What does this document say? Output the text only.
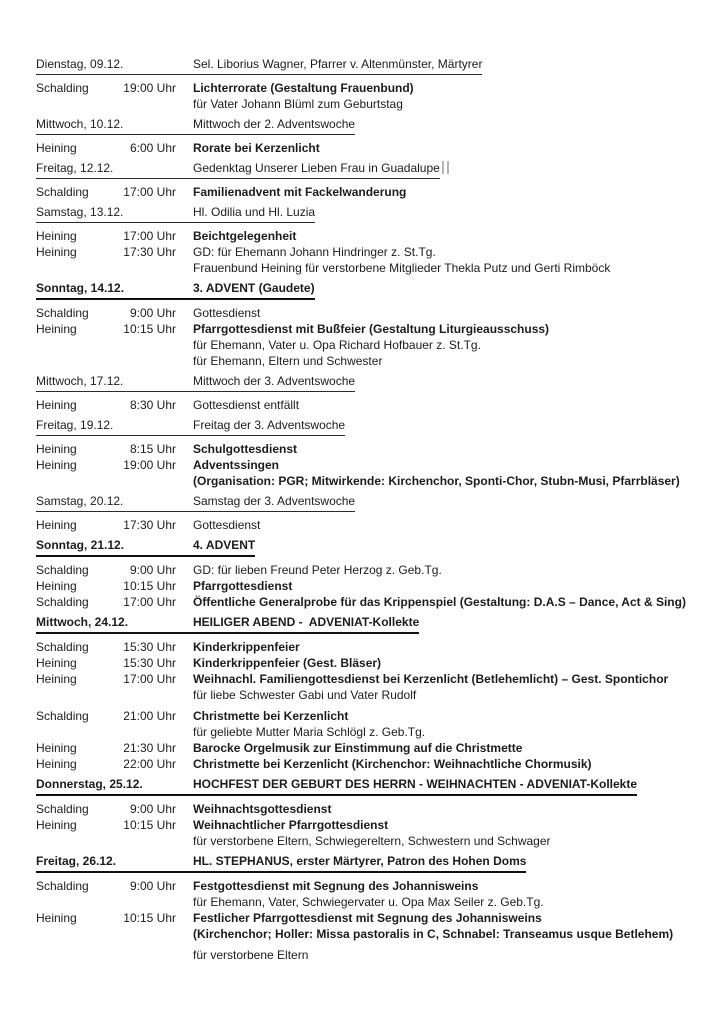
Dienstag, 09.12.	Sel. Liborius Wagner, Pfarrer v. Altenmünster, Märtyrer
Schalding	19:00 Uhr Lichterrorate (Gestaltung Frauenbund)
für Vater Johann Blüml zum Geburtstag
Mittwoch, 10.12.	Mittwoch der 2. Adventswoche
Heining	6:00 Uhr Rorate bei Kerzenlicht
Freitag, 12.12.	Gedenktag Unserer Lieben Frau in Guadalupe
Schalding	17:00 Uhr Familienadvent mit Fackelwanderung
Samstag, 13.12.	Hl. Odilia und Hl. Luzia
Heining	17:00 Uhr Beichtgelegenheit
Heining	17:30 Uhr GD: für Ehemann Johann Hindringer z. St.Tg.
Frauenbund Heining für verstorbene Mitglieder Thekla Putz und Gerti Rimböck
Sonntag, 14.12.	3. ADVENT (Gaudete)
Schalding	9:00 Uhr Gottesdienst
Heining	10:15 Uhr Pfarrgottesdienst mit Bußfeier (Gestaltung Liturgieausschuss)
für Ehemann, Vater u. Opa Richard Hofbauer z. St.Tg.
für Ehemann, Eltern und Schwester
Mittwoch, 17.12.	Mittwoch der 3. Adventswoche
Heining	8:30 Uhr Gottesdienst entfällt
Freitag, 19.12.	Freitag der 3. Adventswoche
Heining	8:15 Uhr Schulgottesdienst
Heining	19:00 Uhr Adventssingen
(Organisation: PGR; Mitwirkende: Kirchenchor, Sponti-Chor, Stubn-Musi, Pfarrbläser)
Samstag, 20.12.	Samstag der 3. Adventswoche
Heining	17:30 Uhr Gottesdienst
Sonntag, 21.12.	4. ADVENT
Schalding	9:00 Uhr GD: für lieben Freund Peter Herzog z. Geb.Tg.
Heining	10:15 Uhr Pfarrgottesdienst
Schalding	17:00 Uhr Öffentliche Generalprobe für das Krippenspiel (Gestaltung: D.A.S – Dance, Act & Sing)
Mittwoch, 24.12.	HEILIGER ABEND -  ADVENIAT-Kollekte
Schalding	15:30 Uhr Kinderkrippenfeier
Heining	15:30 Uhr Kinderkrippenfeier (Gest. Bläser)
Heining	17:00 Uhr Weihnachl. Familiengottesdienst bei Kerzenlicht (Betlehemlicht) – Gest. Spontichor
für liebe Schwester Gabi und Vater Rudolf
Schalding	21:00 Uhr Christmette bei Kerzenlicht
für geliebte Mutter Maria Schlögl z. Geb.Tg.
Heining	21:30 Uhr Barocke Orgelmusik zur Einstimmung auf die Christmette
Heining	22:00 Uhr Christmette bei Kerzenlicht (Kirchenchor: Weihnachtliche Chormusik)
Donnerstag, 25.12.	HOCHFEST DER GEBURT DES HERRN - WEIHNACHTEN - ADVENIAT-Kollekte
Schalding	9:00 Uhr Weihnachtsgottesdienst
Heining	10:15 Uhr Weihnachtlicher Pfarrgottesdienst
für verstorbene Eltern, Schwiegereltern, Schwestern und Schwager
Freitag, 26.12.	HL. STEPHANUS, erster Märtyrer, Patron des Hohen Doms
Schalding	9:00 Uhr Festgottesdienst mit Segnung des Johannisweins
für Ehemann, Vater, Schwiegervater u. Opa Max Seiler z. Geb.Tg.
Heining	10:15 Uhr Festlicher Pfarrgottesdienst mit Segnung des Johannisweins
(Kirchenchor; Holler: Missa pastoralis in C, Schnabel: Transeamus usque Betlehem)
für verstorbene Eltern
